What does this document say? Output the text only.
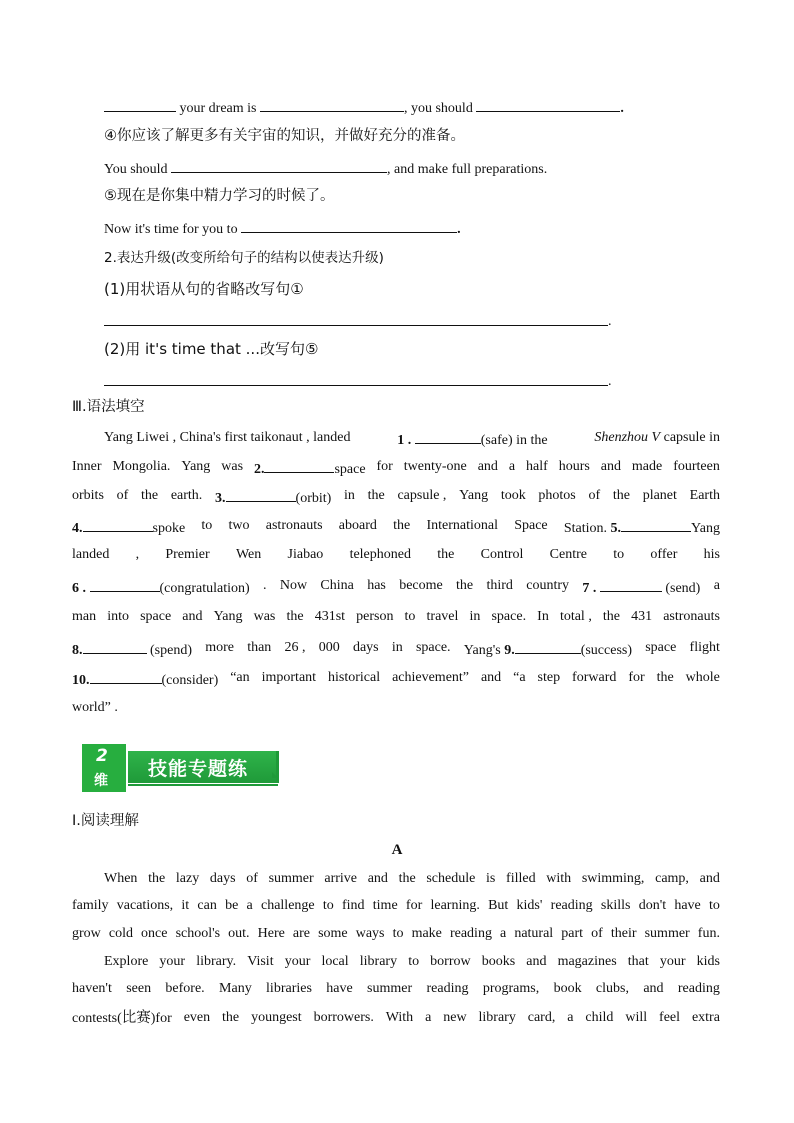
your dream is	, you should	.
④你应该了解更多有关宇宙的知识，并做好充分的准备。
You should	, and make full preparations.
⑤现在是你集中精力学习的时候了。
Now it's time for you to	.
2.表达升级(改变所给句子的结构以使表达升级)
(1)用状语从句的省略改写句①
.
(2)用 it's time that ...改写句⑤
.
Ⅲ.语法填空
Yang Liwei , China's first taikonaut , landed	1 .	(safe) in the	Shenzhou V capsule in
Inner Mongolia. Yang was 2.	space for twenty-one and a half hours and made fourteen
orbits of the earth. 3.	(orbit) in the capsule , Yang took photos of the planet Earth
4.	spoke to two astronauts aboard the International Space Station. 5.	Yang
landed , Premier Wen Jiabao telephoned the Control Centre to offer his
6 .	(congratulation) . Now China has become the third country 7 .	(send) a
man into space and Yang was the 431st person to travel in space. In total , the 431 astronauts
8.	(spend) more than 26 , 000 days in space. Yang's 9.	(success) space flight
10.	(consider) “an important historical achievement” and “a step forward for the whole
world” .
2
维
技能专题练
Ⅰ.阅读理解
A
When the lazy days of summer arrive and the schedule is filled with swimming, camp, and
family vacations, it can be a challenge to find time for learning. But kids' reading skills don't have to
grow cold once school's out. Here are some ways to make reading a natural part of their summer fun.
Explore your library. Visit your local library to borrow books and magazines that your kids
haven't seen before. Many libraries have summer reading programs, book clubs, and reading
contests(比赛)for even the youngest borrowers. With a new library card, a child will feel extra
